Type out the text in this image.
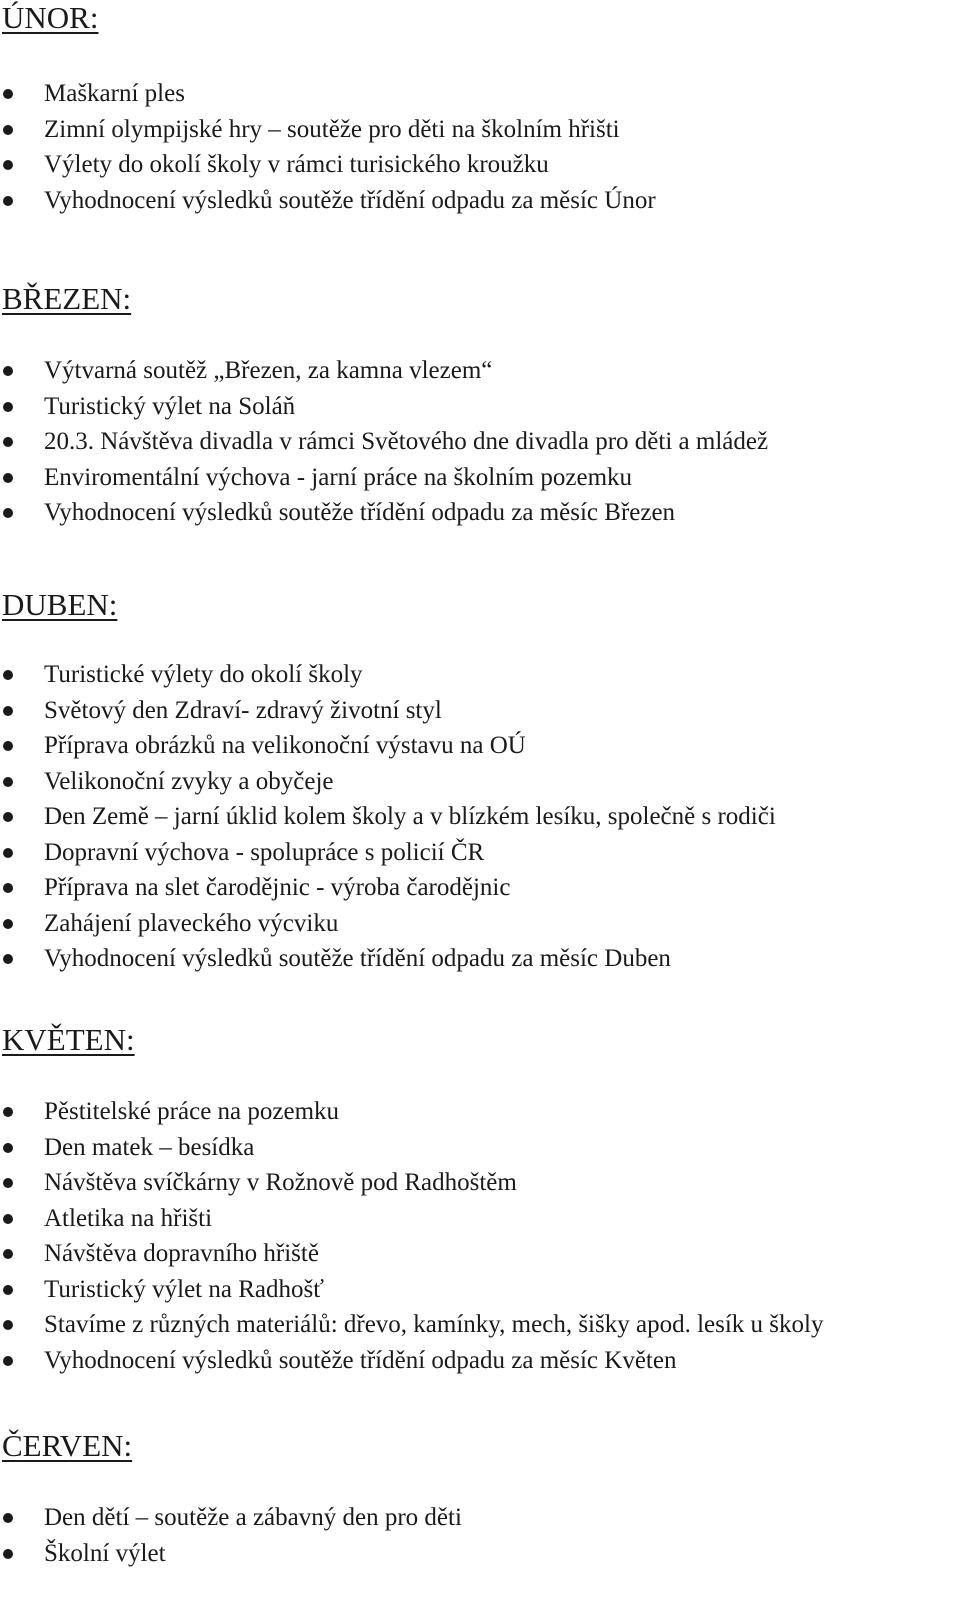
ÚNOR:
Maškarní ples
Zimní olympijské hry – soutěže pro děti na školním hřišti
Výlety do okolí školy v rámci turisického kroužku
Vyhodnocení výsledků soutěže třídění odpadu za měsíc Únor
BŘEZEN:
Výtvarná soutěž „Březen, za kamna vlezem“
Turistický výlet na Soláň
20.3. Návštěva divadla v rámci Světového dne divadla pro děti a mládež
Enviromentální výchova - jarní práce na školním pozemku
Vyhodnocení výsledků soutěže třídění odpadu za měsíc Březen
DUBEN:
Turistické výlety do okolí školy
Světový den Zdraví- zdravý životní styl
Příprava obrázků na velikonoční výstavu na OÚ
Velikonoční zvyky a obyčeje
Den Země – jarní úklid kolem školy a v blízkém lesíku, společně s rodiči
Dopravní výchova - spolupráce s policií ČR
Příprava na slet čarodějnic - výroba čarodějnic
Zahájení plaveckého výcviku
Vyhodnocení výsledků soutěže třídění odpadu za měsíc Duben
KVĚTEN:
Pěstitelské práce na pozemku
Den matek – besídka
Návštěva svíčkárny v Rožnově pod Radhoštěm
Atletika na hřišti
Návštěva dopravního hřiště
Turistický výlet na Radhošť
Stavíme z různých materiálů: dřevo, kamínky, mech, šišky apod. lesík u školy
Vyhodnocení výsledků soutěže třídění odpadu za měsíc Květen
ČERVEN:
Den dětí – soutěže a zábavný den pro děti
Školní výlet
